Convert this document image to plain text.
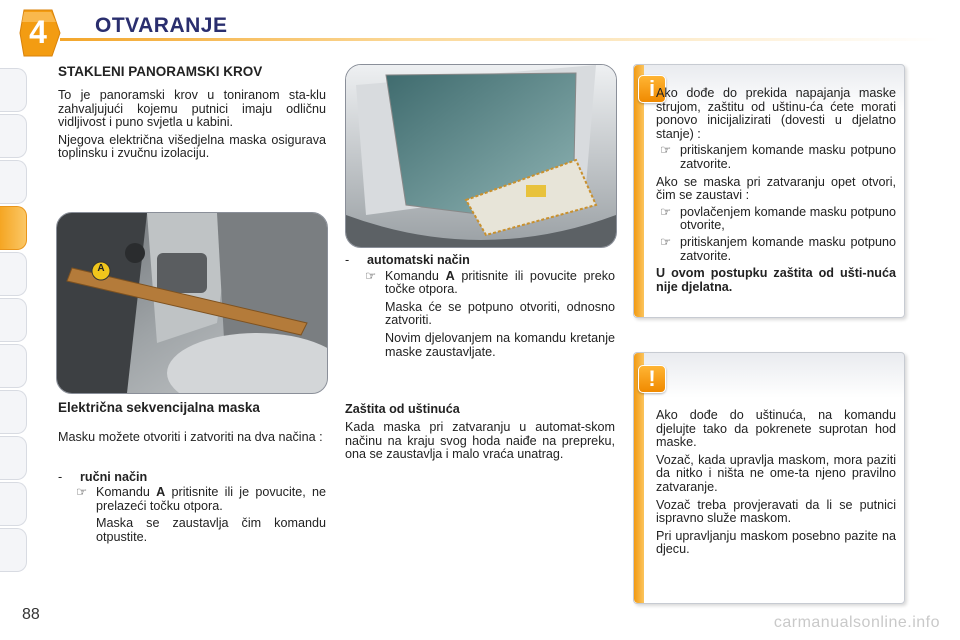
4	OTVARANJE
STAKLENI PANORAMSKI KROV

To je panoramski krov u toniranom sta-klu zahvaljujući kojemu putnici imaju odličnu vidljivost i puno svjetla u kabini.

Njegova električna višedjelna maska osigurava toplinsku i zvučnu izolaciju.

A
Električna sekvencijalna maska

Masku možete otvoriti i zatvoriti na dva načina :

- ručni način
☞ Komandu A pritisnite ili je povucite, ne prelazeći točku otpora.

Maska se zaustavlja čim komandu otpustite.

- automatski način
☞ Komandu A pritisnite ili povucite preko točke otpora.

Maska će se potpuno otvoriti, odnosno zatvoriti.

Novim djelovanjem na komandu kretanje maske zaustavljate.

Zaštita od uštinuća

Kada maska pri zatvaranju u automat-skom načinu na kraju svog hoda naiđe na prepreku, ona se zaustavlja i malo vraća unatrag.

i Ako dođe do prekida napajanja maske strujom, zaštitu od uštinu-ća ćete morati ponovo inicijalizirati (dovesti u djelatno stanje) :

☞ pritiskanjem komande masku potpuno zatvorite.

Ako se maska pri zatvaranju opet otvori, čim se zaustavi :

☞ povlačenjem komande masku potpuno otvorite,
☞ pritiskanjem komande masku potpuno zatvorite.

U ovom postupku zaštita od ušti-nuća nije djelatna.

!

Ako dođe do uštinuća, na komandu djelujte tako da pokrenete suprotan hod maske.

Vozač, kada upravlja maskom, mora paziti da nitko i ništa ne ome-ta njeno pravilno zatvaranje.

Vozač treba provjeravati da li se putnici ispravno služe maskom.

Pri upravljanju maskom posebno pazite na djecu.

88	carmanualsonline.info
